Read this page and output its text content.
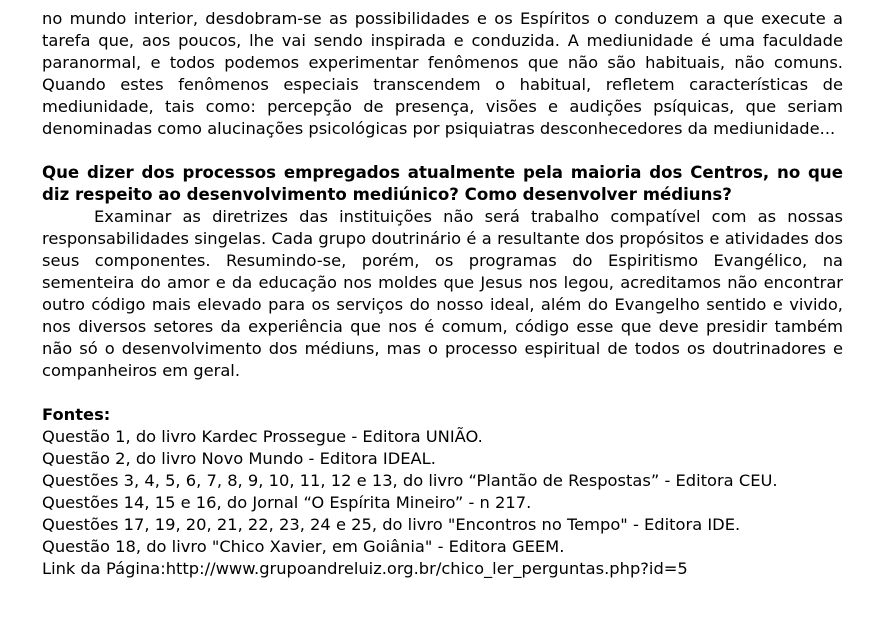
no mundo interior, desdobram-se as possibilidades e os Espíritos o conduzem a que execute a tarefa que, aos poucos, lhe vai sendo inspirada e conduzida. A mediunidade é uma faculdade paranormal, e todos podemos experimentar fenômenos que não são habituais, não comuns. Quando estes fenômenos especiais transcendem o habitual, refletem características de mediunidade, tais como: percepção de presença, visões e audições psíquicas, que seriam denominadas como alucinações psicológicas por psiquiatras desconhecedores da mediunidade...

Que dizer dos processos empregados atualmente pela maioria dos Centros, no que diz respeito ao desenvolvimento mediúnico? Como desenvolver médiuns?

Examinar as diretrizes das instituições não será trabalho compatível com as nossas responsabilidades singelas. Cada grupo doutrinário é a resultante dos propósitos e atividades dos seus componentes. Resumindo-se, porém, os programas do Espiritismo Evangélico, na sementeira do amor e da educação nos moldes que Jesus nos legou, acreditamos não encontrar outro código mais elevado para os serviços do nosso ideal, além do Evangelho sentido e vivido, nos diversos setores da experiência que nos é comum, código esse que deve presidir também não só o desenvolvimento dos médiuns, mas o processo espiritual de todos os doutrinadores e companheiros em geral.

Fontes:

Questão 1, do livro Kardec Prossegue - Editora UNIÃO.
Questão 2, do livro Novo Mundo - Editora IDEAL.
Questões 3, 4, 5, 6, 7, 8, 9, 10, 11, 12 e 13, do livro “Plantão de Respostas” - Editora CEU.
Questões 14, 15 e 16, do Jornal “O Espírita Mineiro” - n 217.
Questões 17, 19, 20, 21, 22, 23, 24 e 25, do livro "Encontros no Tempo" - Editora IDE.
Questão 18, do livro "Chico Xavier, em Goiânia" - Editora GEEM.
Link da Página:http://www.grupoandreluiz.org.br/chico_ler_perguntas.php?id=5
